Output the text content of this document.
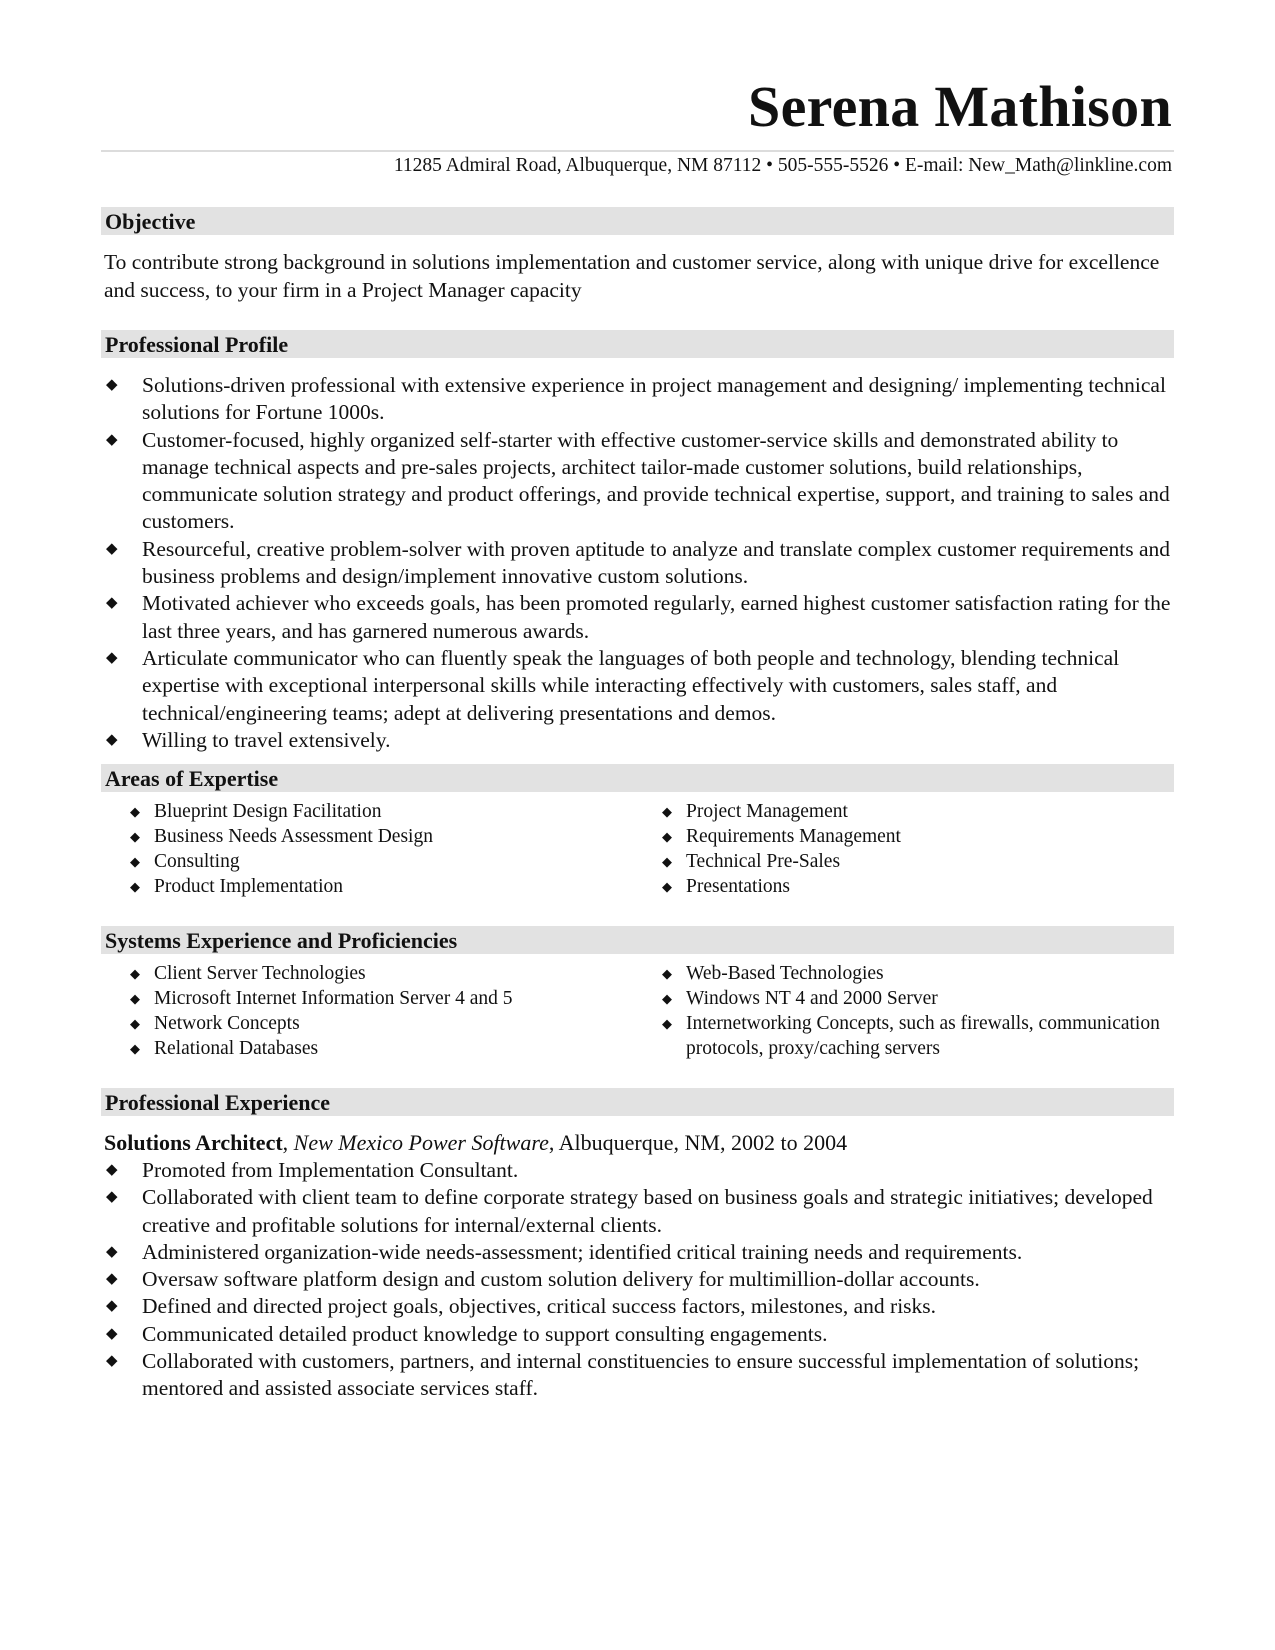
Serena Mathison
11285 Admiral Road, Albuquerque, NM 87112 • 505-555-5526 • E-mail: New_Math@linkline.com
Objective
To contribute strong background in solutions implementation and customer service, along with unique drive for excellence and success, to your firm in a Project Manager capacity
Professional Profile
◆ Solutions-driven professional with extensive experience in project management and designing/ implementing technical solutions for Fortune 1000s.
◆ Customer-focused, highly organized self-starter with effective customer-service skills and demonstrated ability to manage technical aspects and pre-sales projects, architect tailor-made customer solutions, build relationships, communicate solution strategy and product offerings, and provide technical expertise, support, and training to sales and customers.
◆ Resourceful, creative problem-solver with proven aptitude to analyze and translate complex customer requirements and business problems and design/implement innovative custom solutions.
◆ Motivated achiever who exceeds goals, has been promoted regularly, earned highest customer satisfaction rating for the last three years, and has garnered numerous awards.
◆ Articulate communicator who can fluently speak the languages of both people and technology, blending technical expertise with exceptional interpersonal skills while interacting effectively with customers, sales staff, and technical/engineering teams; adept at delivering presentations and demos.
◆ Willing to travel extensively.
Areas of Expertise
◆ Blueprint Design Facilitation
◆ Business Needs Assessment Design
◆ Consulting
◆ Product Implementation
◆ Project Management
◆ Requirements Management
◆ Technical Pre-Sales
◆ Presentations
Systems Experience and Proficiencies
◆ Client Server Technologies
◆ Microsoft Internet Information Server 4 and 5
◆ Network Concepts
◆ Relational Databases
◆ Web-Based Technologies
◆ Windows NT 4 and 2000 Server
◆ Internetworking Concepts, such as firewalls, communication protocols, proxy/caching servers
Professional Experience
Solutions Architect, New Mexico Power Software, Albuquerque, NM, 2002 to 2004
◆ Promoted from Implementation Consultant.
◆ Collaborated with client team to define corporate strategy based on business goals and strategic initiatives; developed creative and profitable solutions for internal/external clients.
◆ Administered organization-wide needs-assessment; identified critical training needs and requirements.
◆ Oversaw software platform design and custom solution delivery for multimillion-dollar accounts.
◆ Defined and directed project goals, objectives, critical success factors, milestones, and risks.
◆ Communicated detailed product knowledge to support consulting engagements.
◆ Collaborated with customers, partners, and internal constituencies to ensure successful implementation of solutions; mentored and assisted associate services staff.
